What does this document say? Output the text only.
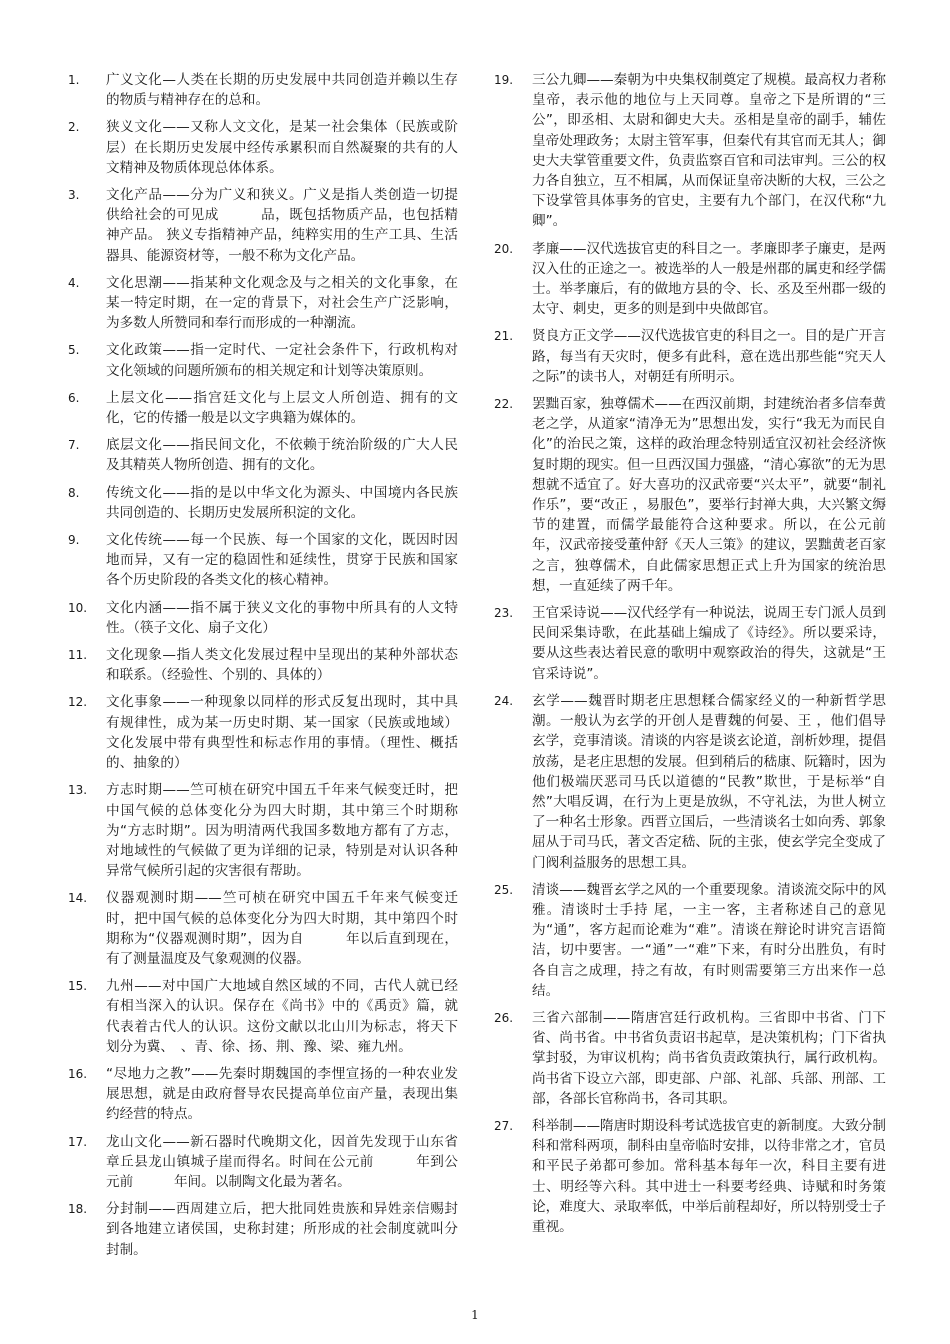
1.	广义文化—人类在长期的历史发展中共同创造并赖以生存的物质与精神存在的总和。
2.	狭义文化——又称人文文化，是某一社会集体（民族或阶层）在长期历史发展中经传承累积而自然凝聚的共有的人文精神及物质体现总体体系。
3.	文化产品——分为广义和狭义。广义是指人类创造一切提供给社会的可见成　　　品，既包括物质产品，也包括精神产品。 狭义专指精神产品，纯粹实用的生产工具、生活器具、能源资材等，一般不称为文化产品。
4.	文化思潮——指某种文化观念及与之相关的文化事象，在某一特定时期，在一定的背景下，对社会生产广泛影响，为多数人所赞同和奉行而形成的一种潮流。
5.	文化政策——指一定时代、一定社会条件下，行政机构对文化领域的问题所颁布的相关规定和计划等决策原则。
6.	上层文化——指宫廷文化与上层文人所创造、拥有的文化，它的传播一般是以文字典籍为媒体的。
7.	底层文化——指民间文化，不依赖于统治阶级的广大人民及其精英人物所创造、拥有的文化。
8.	传统文化——指的是以中华文化为源头、中国境内各民族共同创造的、长期历史发展所积淀的文化。
9.	文化传统——每一个民族、每一个国家的文化，既因时因地而异，又有一定的稳固性和延续性，贯穿于民族和国家各个历史阶段的各类文化的核心精神。
10.	文化内涵——指不属于狭义文化的事物中所具有的人文特性。（筷子文化、扇子文化）
11.	文化现象—指人类文化发展过程中呈现出的某种外部状态和联系。（经验性、个别的、具体的）
12.	文化事象——一种现象以同样的形式反复出现时，其中具有规律性，成为某一历史时期、某一国家（民族或地域）文化发展中带有典型性和标志作用的事情。（理性、概括的、抽象的）
13.	方志时期——竺可桢在研究中国五千年来气候变迁时，把中国气候的总体变化分为四大时期，其中第三个时期称为“方志时期”。因为明清两代我国多数地方都有了方志，对地域性的气候做了更为详细的记录，特别是对认识各种异常气候所引起的灾害很有帮助。
14.	仪器观测时期——竺可桢在研究中国五千年来气候变迁时，把中国气候的总体变化分为四大时期，其中第四个时期称为“仪器观测时期”，因为自　　　年以后直到现在，有了测量温度及气象观测的仪器。
15.	九州——对中国广大地域自然区域的不同，古代人就已经有相当深入的认识。保存在《尚书》中的《禹贡》篇，就代表着古代人的认识。这份文献以北山川为标志，将天下划分为冀、　、青、徐、扬、荆、豫、梁、雍九州。
16.	“尽地力之教”——先秦时期魏国的李悝宣扬的一种农业发展思想，就是由政府督导农民提高单位亩产量，表现出集约经营的特点。
17.	龙山文化——新石器时代晚期文化，因首先发现于山东省章丘县龙山镇城子崖而得名。时间在公元前　　　年到公元前　　　年间。以制陶文化最为著名。
18.	分封制——西周建立后，把大批同姓贵族和异姓亲信赐封到各地建立诸侯国，史称封建；所形成的社会制度就叫分封制。
19.	三公九卿——秦朝为中央集权制奠定了规模。最高权力者称皇帝，表示他的地位与上天同尊。皇帝之下是所谓的“三公”，即丞相、太尉和御史大夫。丞相是皇帝的副手，辅佐皇帝处理政务；太尉主管军事，但秦代有其官而无其人；御史大夫掌管重要文件，负责监察百官和司法审判。三公的权力各自独立，互不相属，从而保证皇帝决断的大权，三公之下设掌管具体事务的官史，主要有九个部门，在汉代称“九卿”。
20.	孝廉——汉代选拔官吏的科目之一。孝廉即孝子廉吏，是两汉入仕的正途之一。被选举的人一般是州郡的属吏和经学儒士。举孝廉后，有的做地方县的令、长、丞及至州郡一级的太守、刺史，更多的则是到中央做郎官。
21.	贤良方正文学——汉代选拔官吏的科目之一。目的是广开言路，每当有天灾时，便多有此科，意在选出那些能“究天人之际”的读书人，对朝廷有所明示。
22.	罢黜百家，独尊儒术——在西汉前期，封建统治者多信奉黄老之学，从道家“清净无为”思想出发，实行“我无为而民自化”的治民之策，这样的政治理念特别适宜汉初社会经济恢复时期的现实。但一旦西汉国力强盛，“清心寡欲”的无为思想就不适宜了。好大喜功的汉武帝要“兴太平”，就要“制礼作乐”，要“改正 ，易服色”，要举行封禅大典，大兴繁文缛节的建置，而儒学最能符合这种要求。所以，在公元前　　　年，汉武帝接受董仲舒《天人三策》的建议，罢黜黄老百家之言，独尊儒术，自此儒家思想正式上升为国家的统治思想，一直延续了两千年。
23.	王官采诗说——汉代经学有一种说法，说周王专门派人员到民间采集诗歌，在此基础上编成了《诗经》。所以要采诗，要从这些表达着民意的歌明中观察政治的得失，这就是“王官采诗说”。
24.	玄学——魏晋时期老庄思想糅合儒家经义的一种新哲学思潮。一般认为玄学的开创人是曹魏的何晏、王 ，他们倡导玄学，竞事清谈。清谈的内容是谈玄论道，剖析妙理，提倡放荡，是老庄思想的发展。但到稍后的嵇康、阮籍时，因为他们极端厌恶司马氏以道德的“民教”欺世，于是标举“自然”大唱反调，在行为上更是放纵，不守礼法，为世人树立了一种名士形象。西晋立国后，一些清谈名士如向秀、郭象屈从于司马氏，著文否定嵇、阮的主张，使玄学完全变成了门阀利益服务的思想工具。
25.	清谈——魏晋玄学之风的一个重要现象。清谈流交际中的风雅。清谈时士手持 尾，一主一客，主者称述自己的意见为“通”，客方起而论难为“难”。清谈在辩论时讲究言语简洁，切中要害。一“通”一“难”下来，有时分出胜负，有时各自言之成理，持之有故，有时则需要第三方出来作一总结。
26.	三省六部制——隋唐宫廷行政机构。三省即中书省、门下省、尚书省。中书省负责诏书起草，是决策机构；门下省执掌封驳，为审议机构；尚书省负责政策执行，属行政机构。尚书省下设立六部，即吏部、户部、礼部、兵部、刑部、工部，各部长官称尚书，各司其职。
27.	科举制——隋唐时期设科考试选拔官吏的新制度。大致分制科和常科两项，制科由皇帝临时安排，以待非常之才，官员和平民子弟都可参加。常科基本每年一次，科目主要有进士、明经等六科。其中进士一科要考经典、诗赋和时务策论，难度大、录取率低，中举后前程却好，所以特别受士子重视。
1
